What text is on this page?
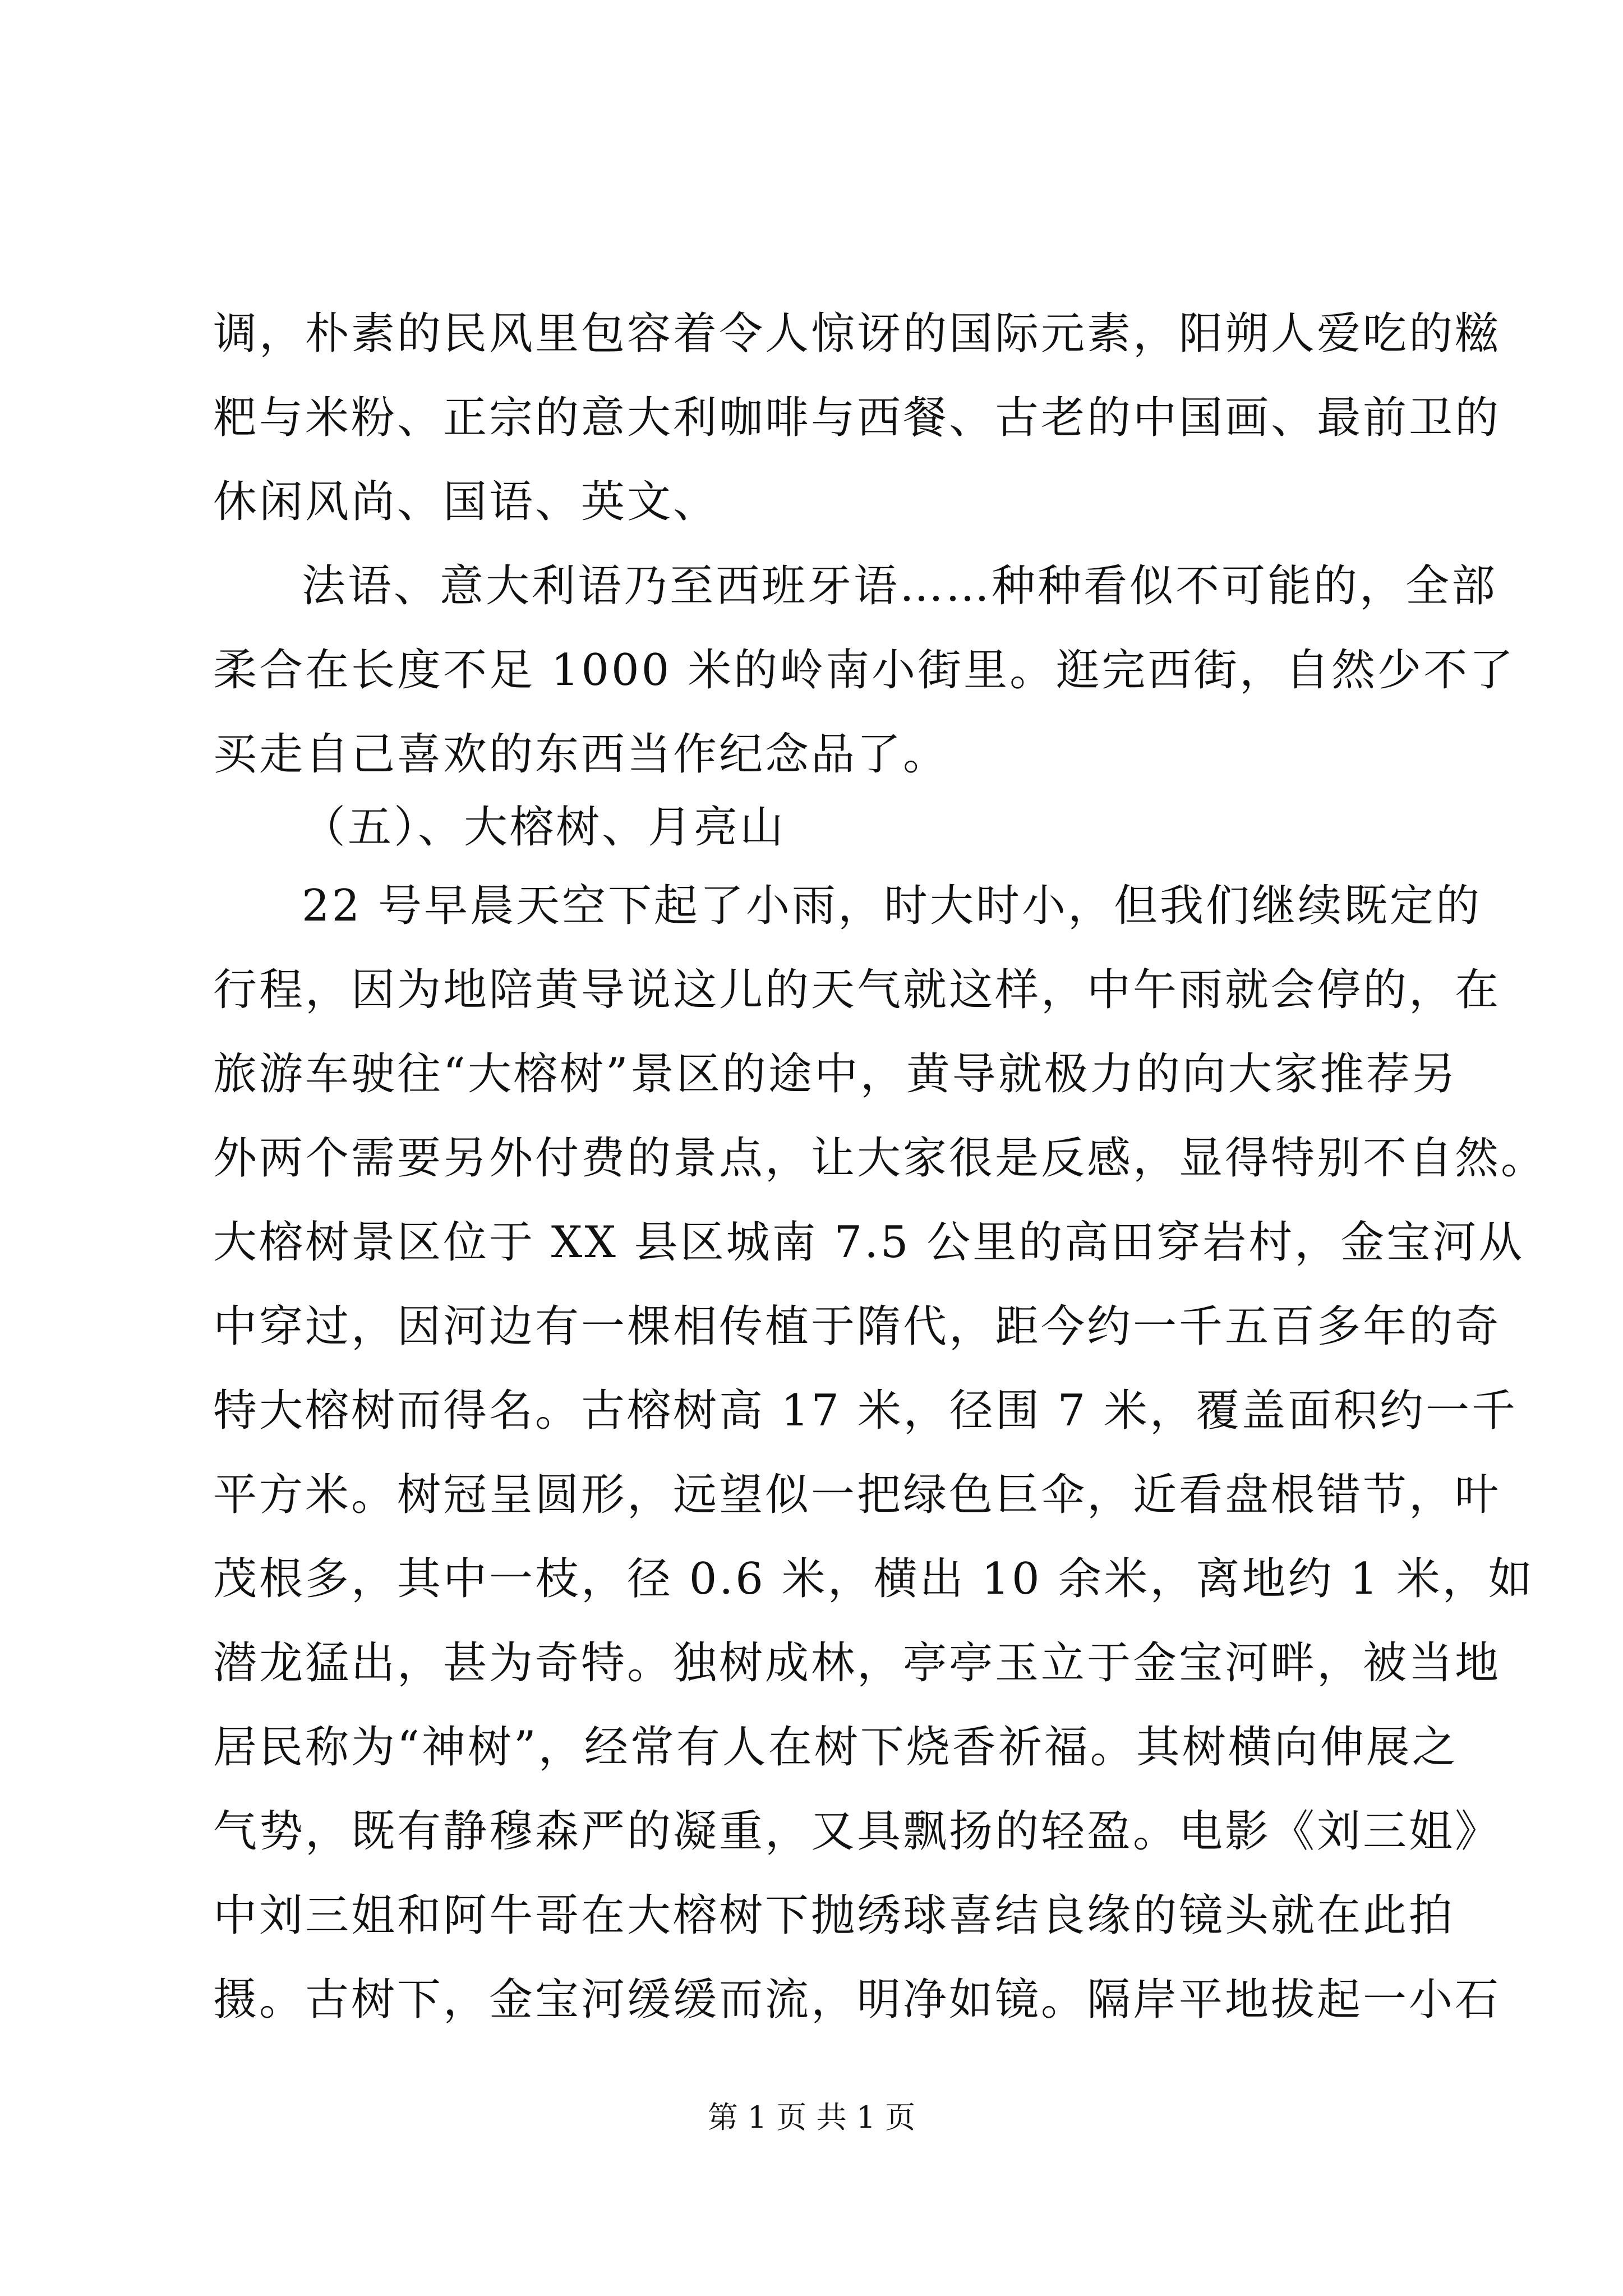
调，朴素的民风里包容着令人惊讶的国际元素，阳朔人爱吃的糍
粑与米粉、正宗的意大利咖啡与西餐、古老的中国画、最前卫的
休闲风尚、国语、英文、
法语、意大利语乃至西班牙语……种种看似不可能的，全部
柔合在长度不足 1000 米的岭南小街里。逛完西街，自然少不了
买走自己喜欢的东西当作纪念品了。
（五）、大榕树、月亮山
22 号早晨天空下起了小雨，时大时小，但我们继续既定的
行程，因为地陪黄导说这儿的天气就这样，中午雨就会停的，在
旅游车驶往“大榕树”景区的途中，黄导就极力的向大家推荐另
外两个需要另外付费的景点，让大家很是反感，显得特别不自然。
大榕树景区位于 XX 县区城南 7.5 公里的高田穿岩村，金宝河从
中穿过，因河边有一棵相传植于隋代，距今约一千五百多年的奇
特大榕树而得名。古榕树高 17 米，径围 7 米，覆盖面积约一千
平方米。树冠呈圆形，远望似一把绿色巨伞，近看盘根错节，叶
茂根多，其中一枝，径 0.6 米，横出 10 余米，离地约 1 米，如
潜龙猛出，甚为奇特。独树成林，亭亭玉立于金宝河畔，被当地
居民称为“神树”，经常有人在树下烧香祈福。其树横向伸展之
气势，既有静穆森严的凝重，又具飘扬的轻盈。电影《刘三姐》
中刘三姐和阿牛哥在大榕树下抛绣球喜结良缘的镜头就在此拍
摄。古树下，金宝河缓缓而流，明净如镜。隔岸平地拔起一小石
第 1 页 共 1 页
